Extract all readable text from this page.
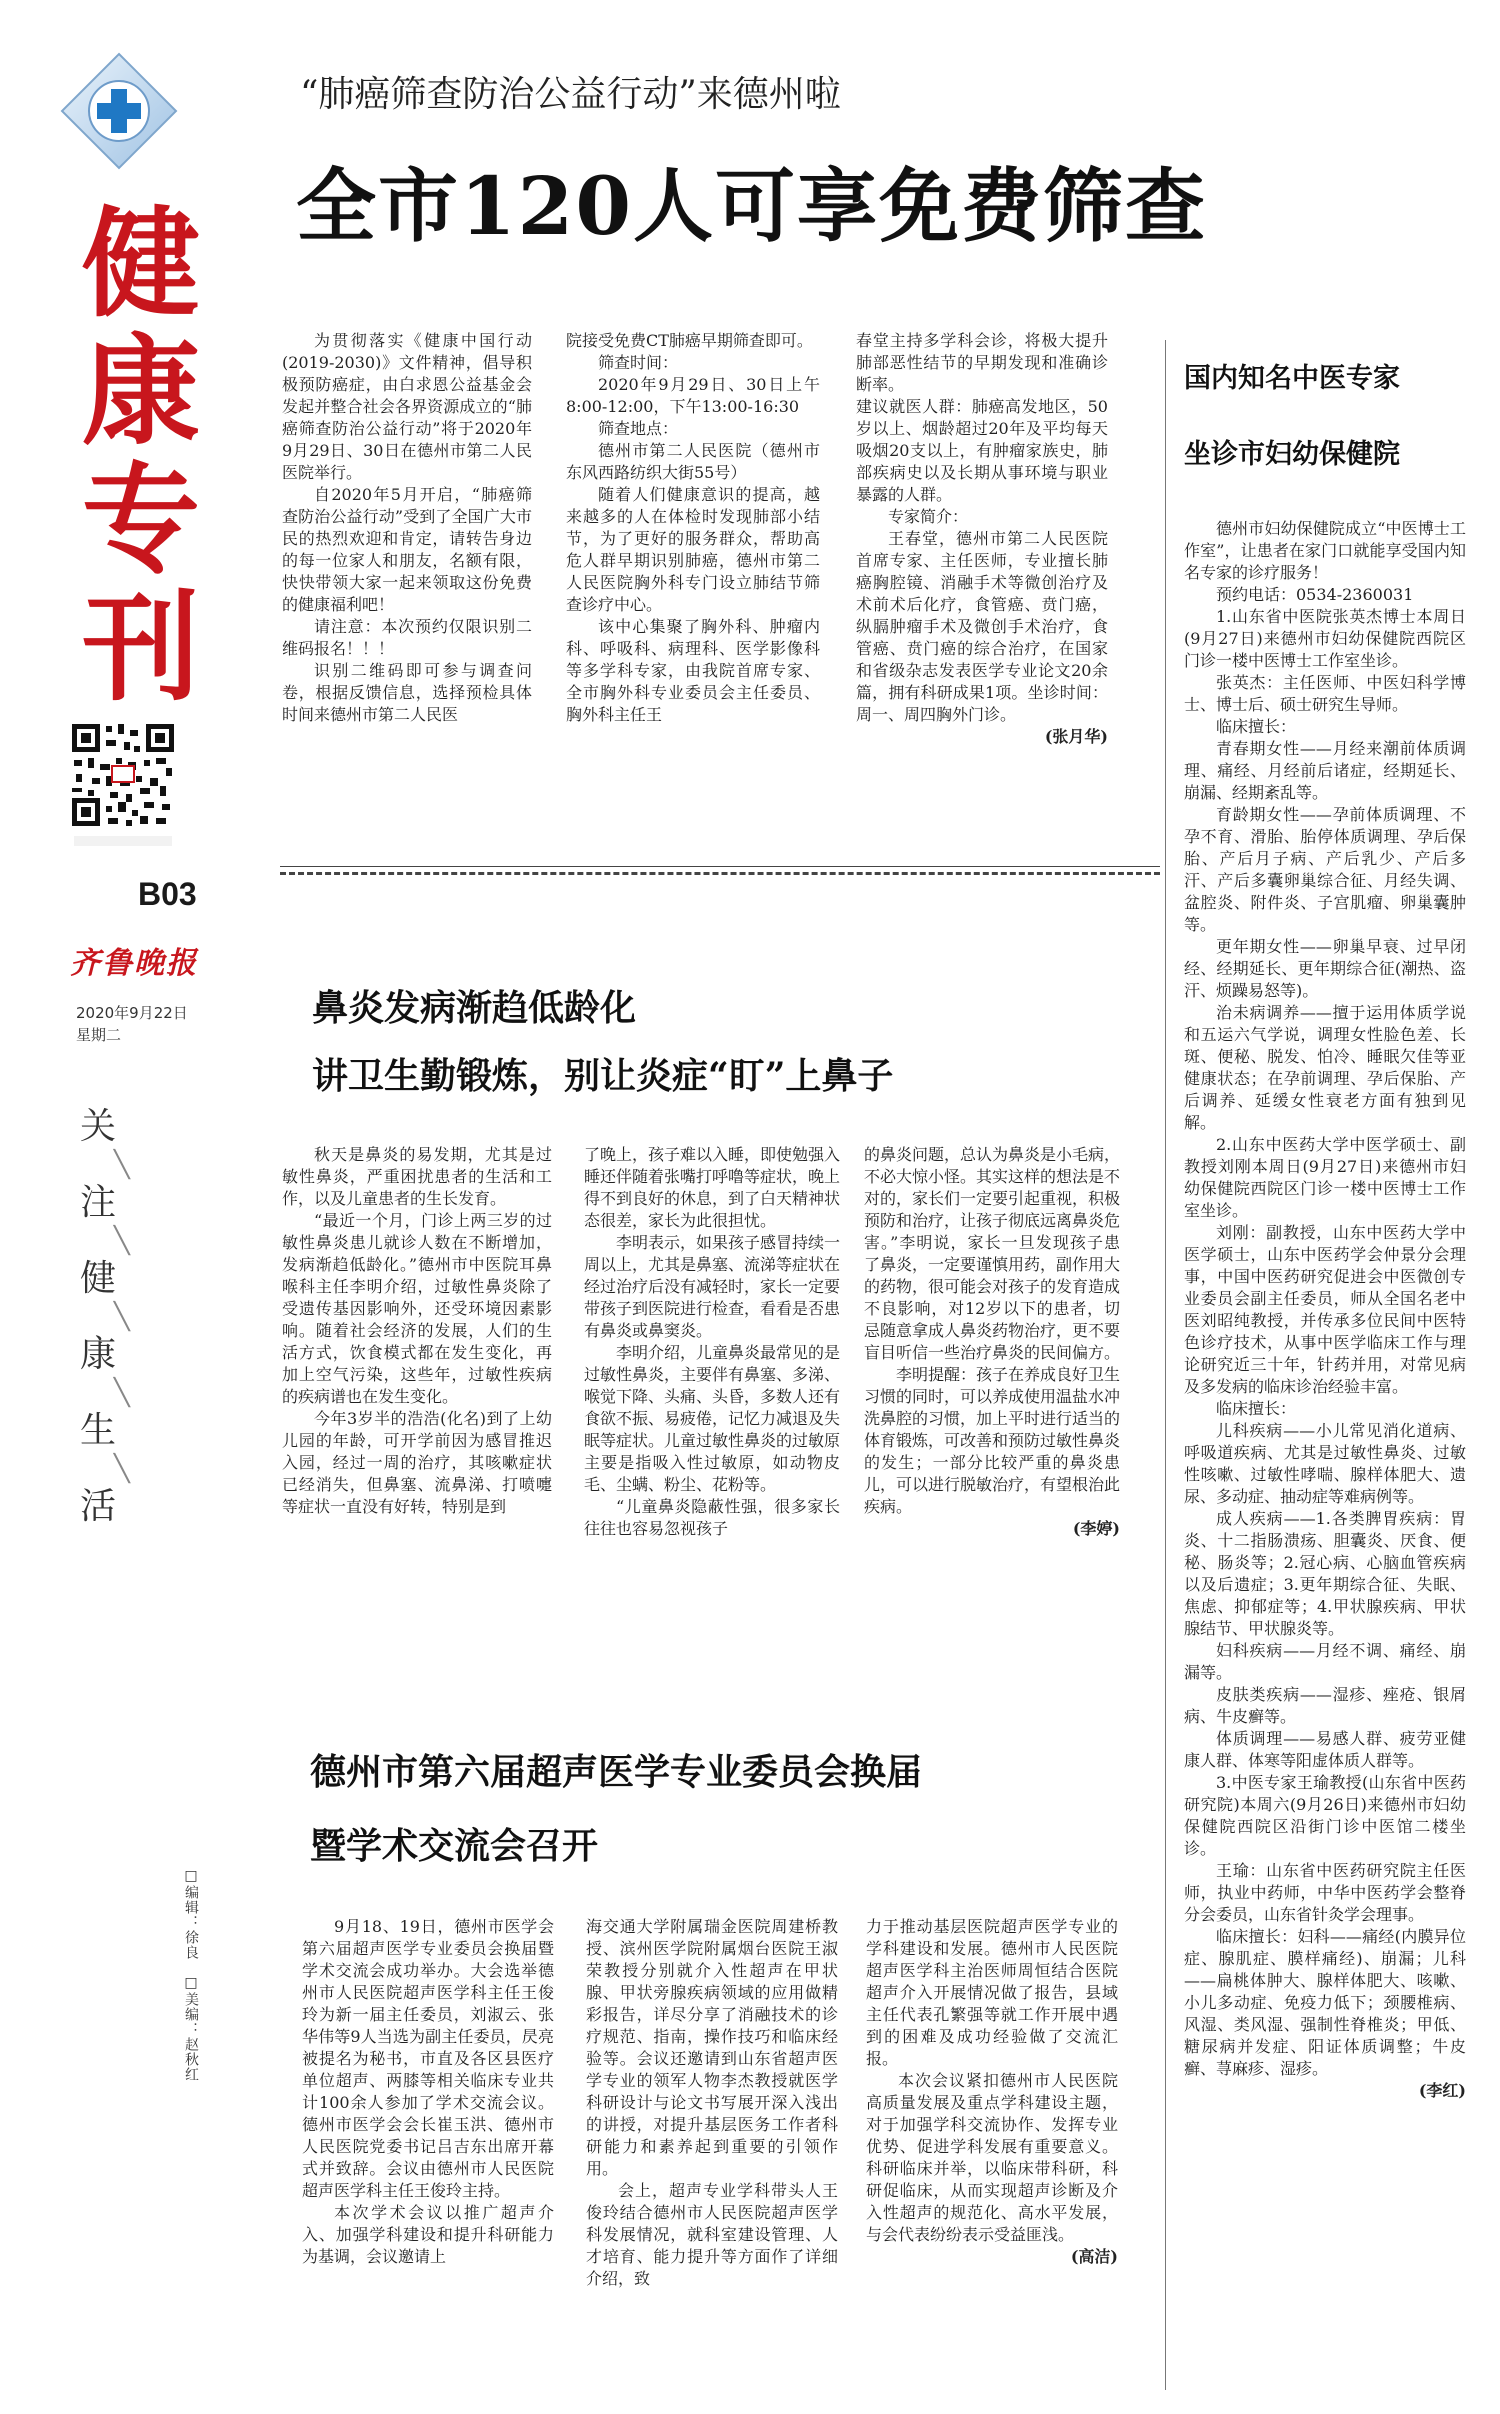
健
康
专
刊
B03
齐鲁晚报
2020年9月22日
星期二
关
╲
注
╲
健
╲
康
╲
生
╲
活
□编辑：徐良　□美编：赵秋红
“肺癌筛查防治公益行动”来德州啦
全市120人可享免费筛查

为贯彻落实《健康中国行动(2019-2030)》文件精神，倡导积极预防癌症，由白求恩公益基金会发起并整合社会各界资源成立的“肺癌筛查防治公益行动”将于2020年9月29日、30日在德州市第二人民医院举行。

自2020年5月开启，“肺癌筛查防治公益行动”受到了全国广大市民的热烈欢迎和肯定，请转告身边的每一位家人和朋友，名额有限，快快带领大家一起来领取这份免费的健康福利吧！

请注意：本次预约仅限识别二维码报名！！！

识别二维码即可参与调查问卷，根据反馈信息，选择预检具体时间来德州市第二人民医

院接受免费CT肺癌早期筛查即可。

筛查时间：

2020年9月29日、30日上午8:00-12:00，下午13:00-16:30

筛查地点：

德州市第二人民医院（德州市东风西路纺织大街55号）

随着人们健康意识的提高，越来越多的人在体检时发现肺部小结节，为了更好的服务群众，帮助高危人群早期识别肺癌，德州市第二人民医院胸外科专门设立肺结节筛查诊疗中心。

该中心集聚了胸外科、肿瘤内科、呼吸科、病理科、医学影像科等多学科专家，由我院首席专家、全市胸外科专业委员会主任委员、胸外科主任王

春堂主持多学科会诊，将极大提升肺部恶性结节的早期发现和准确诊断率。

建议就医人群：肺癌高发地区，50岁以上、烟龄超过20年及平均每天吸烟20支以上，有肿瘤家族史，肺部疾病史以及长期从事环境与职业暴露的人群。

专家简介：

王春堂，德州市第二人民医院首席专家、主任医师，专业擅长肺癌胸腔镜、消融手术等微创治疗及术前术后化疗，食管癌、贲门癌，纵膈肿瘤手术及微创手术治疗，食管癌、贲门癌的综合治疗，在国家和省级杂志发表医学专业论文20余篇，拥有科研成果1项。坐诊时间：周一、周四胸外门诊。

(张月华)
鼻炎发病渐趋低龄化
讲卫生勤锻炼，别让炎症“盯”上鼻子

秋天是鼻炎的易发期，尤其是过敏性鼻炎，严重困扰患者的生活和工作，以及儿童患者的生长发育。

“最近一个月，门诊上两三岁的过敏性鼻炎患儿就诊人数在不断增加，发病渐趋低龄化。”德州市中医院耳鼻喉科主任李明介绍，过敏性鼻炎除了受遗传基因影响外，还受环境因素影响。随着社会经济的发展，人们的生活方式，饮食模式都在发生变化，再加上空气污染，这些年，过敏性疾病的疾病谱也在发生变化。

今年3岁半的浩浩(化名)到了上幼儿园的年龄，可开学前因为感冒推迟入园，经过一周的治疗，其咳嗽症状已经消失，但鼻塞、流鼻涕、打喷嚏等症状一直没有好转，特别是到

了晚上，孩子难以入睡，即使勉强入睡还伴随着张嘴打呼噜等症状，晚上得不到良好的休息，到了白天精神状态很差，家长为此很担忧。

李明表示，如果孩子感冒持续一周以上，尤其是鼻塞、流涕等症状在经过治疗后没有减轻时，家长一定要带孩子到医院进行检查，看看是否患有鼻炎或鼻窦炎。

李明介绍，儿童鼻炎最常见的是过敏性鼻炎，主要伴有鼻塞、多涕、喉觉下降、头痛、头昏，多数人还有食欲不振、易疲倦，记忆力减退及失眠等症状。儿童过敏性鼻炎的过敏原主要是指吸入性过敏原，如动物皮毛、尘螨、粉尘、花粉等。

“儿童鼻炎隐蔽性强，很多家长往往也容易忽视孩子

的鼻炎问题，总认为鼻炎是小毛病，不必大惊小怪。其实这样的想法是不对的，家长们一定要引起重视，积极预防和治疗，让孩子彻底远离鼻炎危害。”李明说，家长一旦发现孩子患了鼻炎，一定要谨慎用药，副作用大的药物，很可能会对孩子的发育造成不良影响，对12岁以下的患者，切忌随意拿成人鼻炎药物治疗，更不要盲目听信一些治疗鼻炎的民间偏方。

李明提醒：孩子在养成良好卫生习惯的同时，可以养成使用温盐水冲洗鼻腔的习惯，加上平时进行适当的体育锻炼，可改善和预防过敏性鼻炎的发生；一部分比较严重的鼻炎患儿，可以进行脱敏治疗，有望根治此疾病。

(李婷)
德州市第六届超声医学专业委员会换届
暨学术交流会召开

9月18、19日，德州市医学会第六届超声医学专业委员会换届暨学术交流会成功举办。大会选举德州市人民医院超声医学科主任王俊玲为新一届主任委员，刘淑云、张华伟等9人当选为副主任委员，昃亮被提名为秘书，市直及各区县医疗单位超声、两膝等相关临床专业共计100余人参加了学术交流会议。德州市医学会会长崔玉洪、德州市人民医院党委书记吕吉东出席开幕式并致辞。会议由德州市人民医院超声医学科主任王俊玲主持。

本次学术会议以推广超声介入、加强学科建设和提升科研能力为基调，会议邀请上

海交通大学附属瑞金医院周建桥教授、滨州医学院附属烟台医院王淑荣教授分别就介入性超声在甲状腺、甲状旁腺疾病领域的应用做精彩报告，详尽分享了消融技术的诊疗规范、指南，操作技巧和临床经验等。会议还邀请到山东省超声医学专业的领军人物李杰教授就医学科研设计与论文书写展开深入浅出的讲授，对提升基层医务工作者科研能力和素养起到重要的引领作用。

会上，超声专业学科带头人王俊玲结合德州市人民医院超声医学科发展情况，就科室建设管理、人才培育、能力提升等方面作了详细介绍，致

力于推动基层医院超声医学专业的学科建设和发展。德州市人民医院超声医学科主治医师周恒结合医院超声介入开展情况做了报告，县域主任代表孔繁强等就工作开展中遇到的困难及成功经验做了交流汇报。

本次会议紧扣德州市人民医院高质量发展及重点学科建设主题，对于加强学科交流协作、发挥专业优势、促进学科发展有重要意义。科研临床并举，以临床带科研，科研促临床，从而实现超声诊断及介入性超声的规范化、高水平发展，与会代表纷纷表示受益匪浅。

(高洁)
国内知名中医专家
坐诊市妇幼保健院

德州市妇幼保健院成立“中医博士工作室”，让患者在家门口就能享受国内知名专家的诊疗服务！

预约电话：0534-2360031

1.山东省中医院张英杰博士本周日(9月27日)来德州市妇幼保健院西院区门诊一楼中医博士工作室坐诊。

张英杰：主任医师、中医妇科学博士、博士后、硕士研究生导师。

临床擅长：

青春期女性——月经来潮前体质调理、痛经、月经前后诸症，经期延长、崩漏、经期紊乱等。

育龄期女性——孕前体质调理、不孕不育、滑胎、胎停体质调理、孕后保胎、产后月子病、产后乳少、产后多汗、产后多囊卵巢综合征、月经失调、盆腔炎、附件炎、子宫肌瘤、卵巢囊肿等。

更年期女性——卵巢早衰、过早闭经、经期延长、更年期综合征(潮热、盗汗、烦躁易怒等)。

治未病调养——擅于运用体质学说和五运六气学说，调理女性脸色差、长斑、便秘、脱发、怕冷、睡眠欠佳等亚健康状态；在孕前调理、孕后保胎、产后调养、延缓女性衰老方面有独到见解。

2.山东中医药大学中医学硕士、副教授刘刚本周日(9月27日)来德州市妇幼保健院西院区门诊一楼中医博士工作室坐诊。

刘刚：副教授，山东中医药大学中医学硕士，山东中医药学会仲景分会理事，中国中医药研究促进会中医微创专业委员会副主任委员，师从全国名老中医刘昭纯教授，并传承多位民间中医特色诊疗技术，从事中医学临床工作与理论研究近三十年，针药并用，对常见病及多发病的临床诊治经验丰富。

临床擅长：

儿科疾病——小儿常见消化道病、呼吸道疾病、尤其是过敏性鼻炎、过敏性咳嗽、过敏性哮喘、腺样体肥大、遗尿、多动症、抽动症等难病例等。

成人疾病——1.各类脾胃疾病：胃炎、十二指肠溃疡、胆囊炎、厌食、便秘、肠炎等；2.冠心病、心脑血管疾病以及后遗症；3.更年期综合征、失眠、焦虑、抑郁症等；4.甲状腺疾病、甲状腺结节、甲状腺炎等。

妇科疾病——月经不调、痛经、崩漏等。

皮肤类疾病——湿疹、痤疮、银屑病、牛皮癣等。

体质调理——易感人群、疲劳亚健康人群、体寒等阳虚体质人群等。

3.中医专家王瑜教授(山东省中医药研究院)本周六(9月26日)来德州市妇幼保健院西院区沿街门诊中医馆二楼坐诊。

王瑜：山东省中医药研究院主任医师，执业中药师，中华中医药学会整脊分会委员，山东省针灸学会理事。

临床擅长：妇科——痛经(内膜异位症、腺肌症、膜样痛经)、崩漏；儿科——扁桃体肿大、腺样体肥大、咳嗽、小儿多动症、免疫力低下；颈腰椎病、风湿、类风湿、强制性脊椎炎；甲低、糖尿病并发症、阳证体质调整；牛皮癣、荨麻疹、湿疹。

(李红)
